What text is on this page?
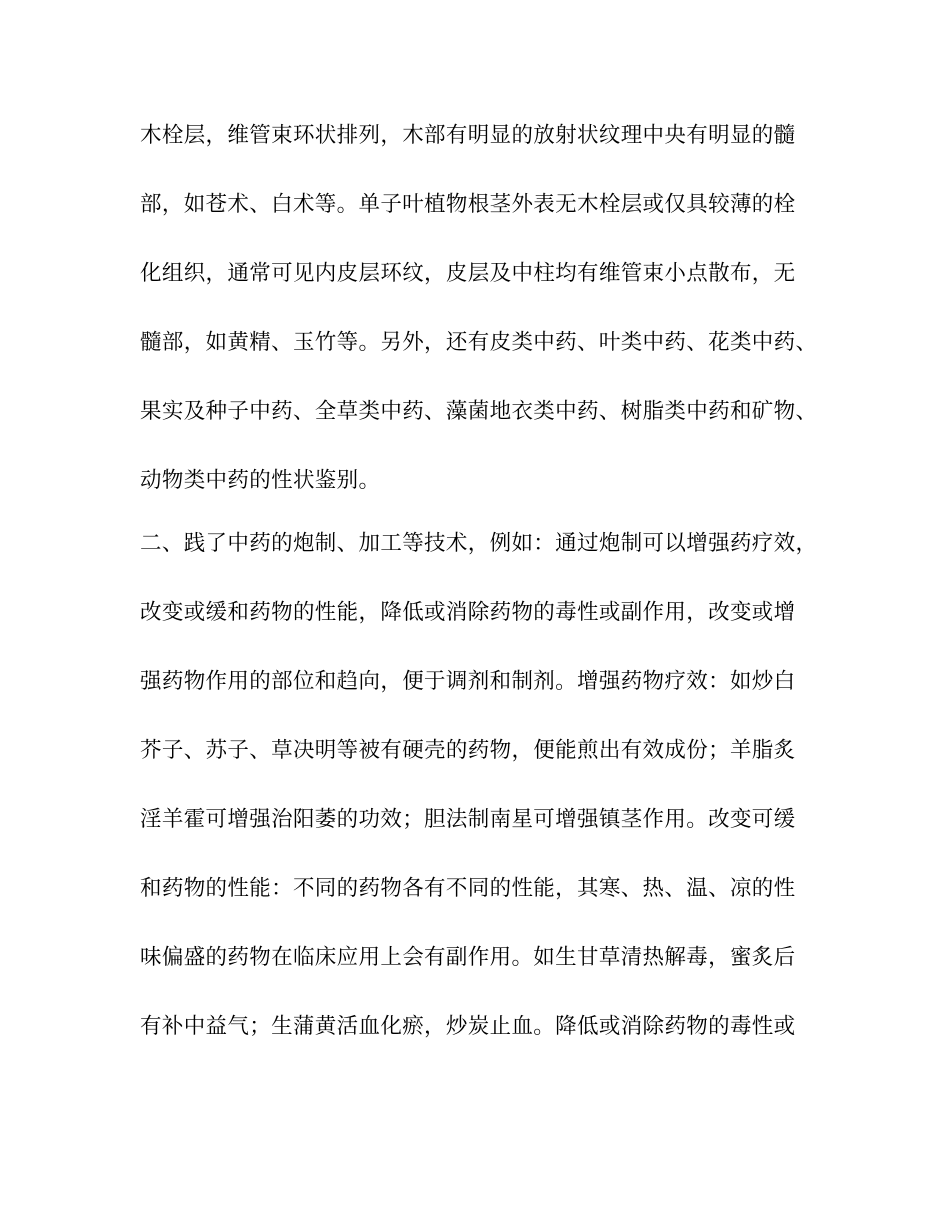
木栓层，维管束环状排列，木部有明显的放射状纹理中央有明显的髓
部，如苍术、白术等。单子叶植物根茎外表无木栓层或仅具较薄的栓
化组织，通常可见内皮层环纹，皮层及中柱均有维管束小点散布，无
髓部，如黄精、玉竹等。另外，还有皮类中药、叶类中药、花类中药、
果实及种子中药、全草类中药、藻菌地衣类中药、树脂类中药和矿物、
动物类中药的性状鉴别。
二、践了中药的炮制、加工等技术，例如：通过炮制可以增强药疗效，
改变或缓和药物的性能，降低或消除药物的毒性或副作用，改变或增
强药物作用的部位和趋向，便于调剂和制剂。增强药物疗效：如炒白
芥子、苏子、草决明等被有硬壳的药物，便能煎出有效成份；羊脂炙
淫羊霍可增强治阳萎的功效；胆法制南星可增强镇茎作用。改变可缓
和药物的性能：不同的药物各有不同的性能，其寒、热、温、凉的性
味偏盛的药物在临床应用上会有副作用。如生甘草清热解毒，蜜炙后
有补中益气；生蒲黄活血化瘀，炒炭止血。降低或消除药物的毒性或
